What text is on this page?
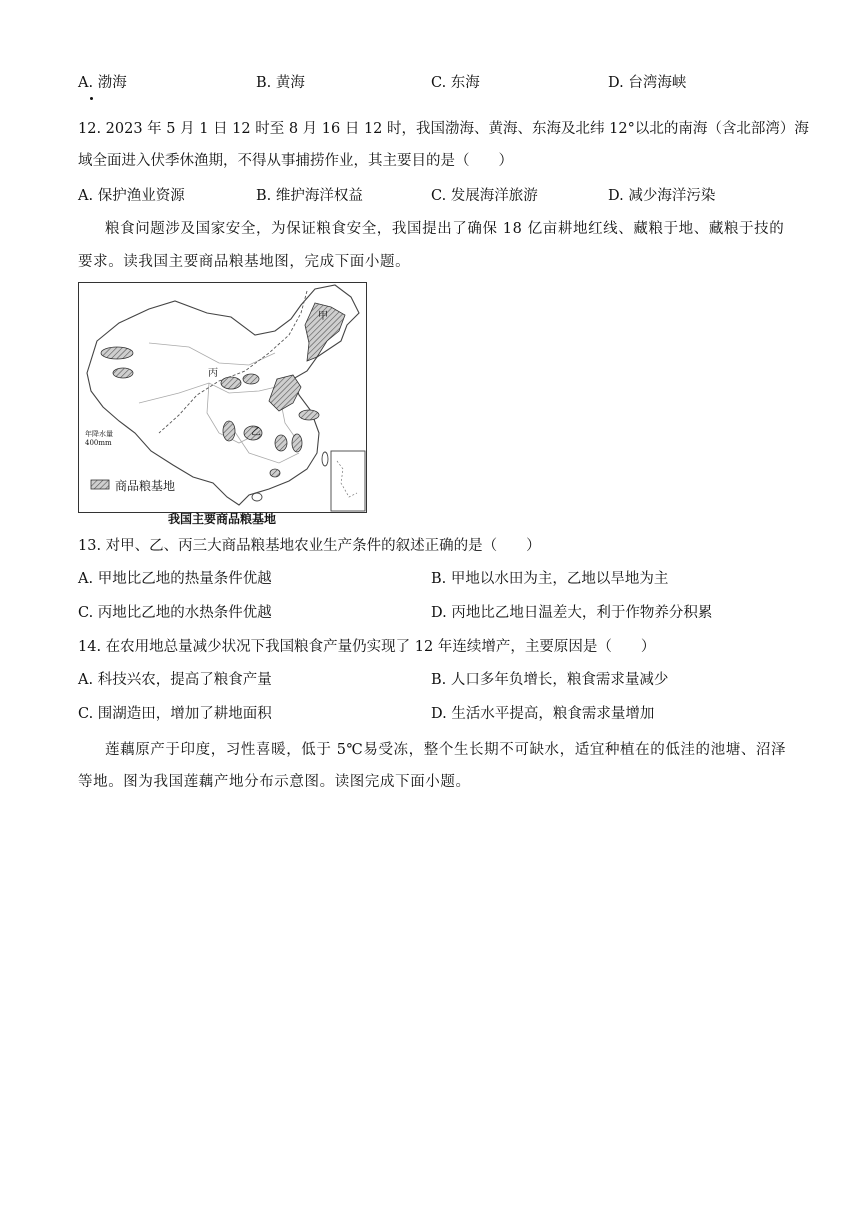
A. 渤海	B. 黄海	C. 东海	D. 台湾海峡
12. 2023 年 5 月 1 日 12 时至 8 月 16 日 12 时，我国渤海、黄海、东海及北纬 12°以北的南海（含北部湾）海
域全面进入伏季休渔期，不得从事捕捞作业，其主要目的是（　　）
A. 保护渔业资源	B. 维护海洋权益	C. 发展海洋旅游	D. 减少海洋污染
粮食问题涉及国家安全，为保证粮食安全，我国提出了确保 18 亿亩耕地红线、藏粮于地、藏粮于技的
要求。读我国主要商品粮基地图，完成下面小题。
甲
乙
丙
年降水量
400mm
商品粮基地
我国主要商品粮基地
13. 对甲、乙、丙三大商品粮基地农业生产条件的叙述正确的是（　　）
A. 甲地比乙地的热量条件优越	B. 甲地以水田为主，乙地以旱地为主
C. 丙地比乙地的水热条件优越	D. 丙地比乙地日温差大，利于作物养分积累
14. 在农用地总量减少状况下我国粮食产量仍实现了 12 年连续增产，主要原因是（　　）
A. 科技兴农，提高了粮食产量	B. 人口多年负增长，粮食需求量减少
C. 围湖造田，增加了耕地面积	D. 生活水平提高，粮食需求量增加
莲藕原产于印度，习性喜暖，低于 5℃易受冻，整个生长期不可缺水，适宜种植在的低洼的池塘、沼泽
等地。图为我国莲藕产地分布示意图。读图完成下面小题。
